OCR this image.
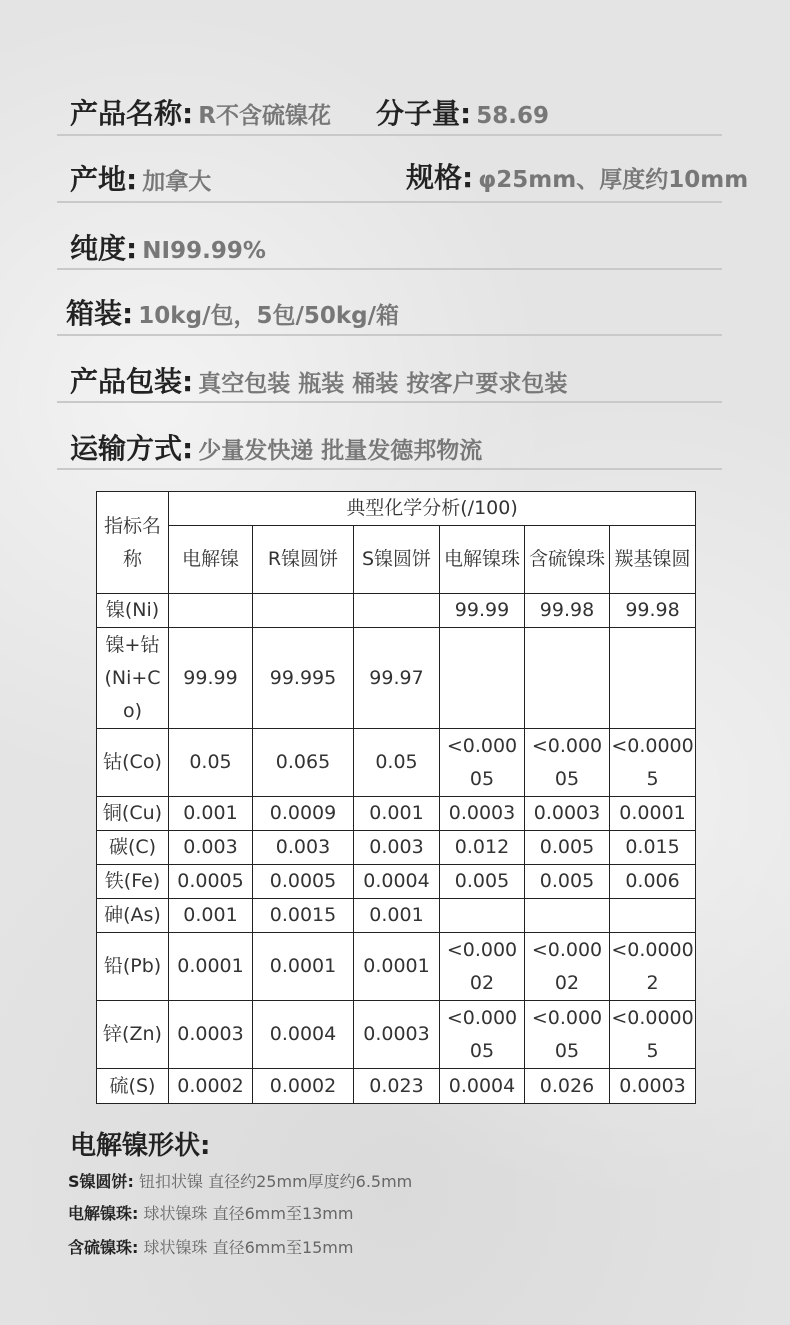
产品名称: R不含硫镍花 分子量: 58.69
产地: 加拿大	规格: φ25mm、厚度约10mm
纯度: NI99.99%
箱装: 10kg/包，5包/50kg/箱
产品包装: 真空包装 瓶装 桶装 按客户要求包装
运输方式: 少量发快递 批量发德邦物流
指标名称	典型化学分析(/100)					
	电解镍	R镍圆饼	S镍圆饼	电解镍珠	含硫镍珠	羰基镍圆
镍(Ni)				99.99	99.98	99.98
镍+钴(Ni+Co)	99.99	99.995	99.97			
钴(Co)	0.05	0.065	0.05	<0.00005	<0.00005	<0.00005
铜(Cu)	0.001	0.0009	0.001	0.0003	0.0003	0.0001
碳(C)	0.003	0.003	0.003	0.012	0.005	0.015
铁(Fe)	0.0005	0.0005	0.0004	0.005	0.005	0.006
砷(As)	0.001	0.0015	0.001			
铅(Pb)	0.0001	0.0001	0.0001	<0.00002	<0.00002	<0.00002
锌(Zn)	0.0003	0.0004	0.0003	<0.00005	<0.00005	<0.00005
硫(S)	0.0002	0.0002	0.023	0.0004	0.026	0.0003
电解镍形状:
S镍圆饼: 钮扣状镍 直径约25mm厚度约6.5mm
电解镍珠: 球状镍珠 直径6mm至13mm
含硫镍珠: 球状镍珠 直径6mm至15mm
